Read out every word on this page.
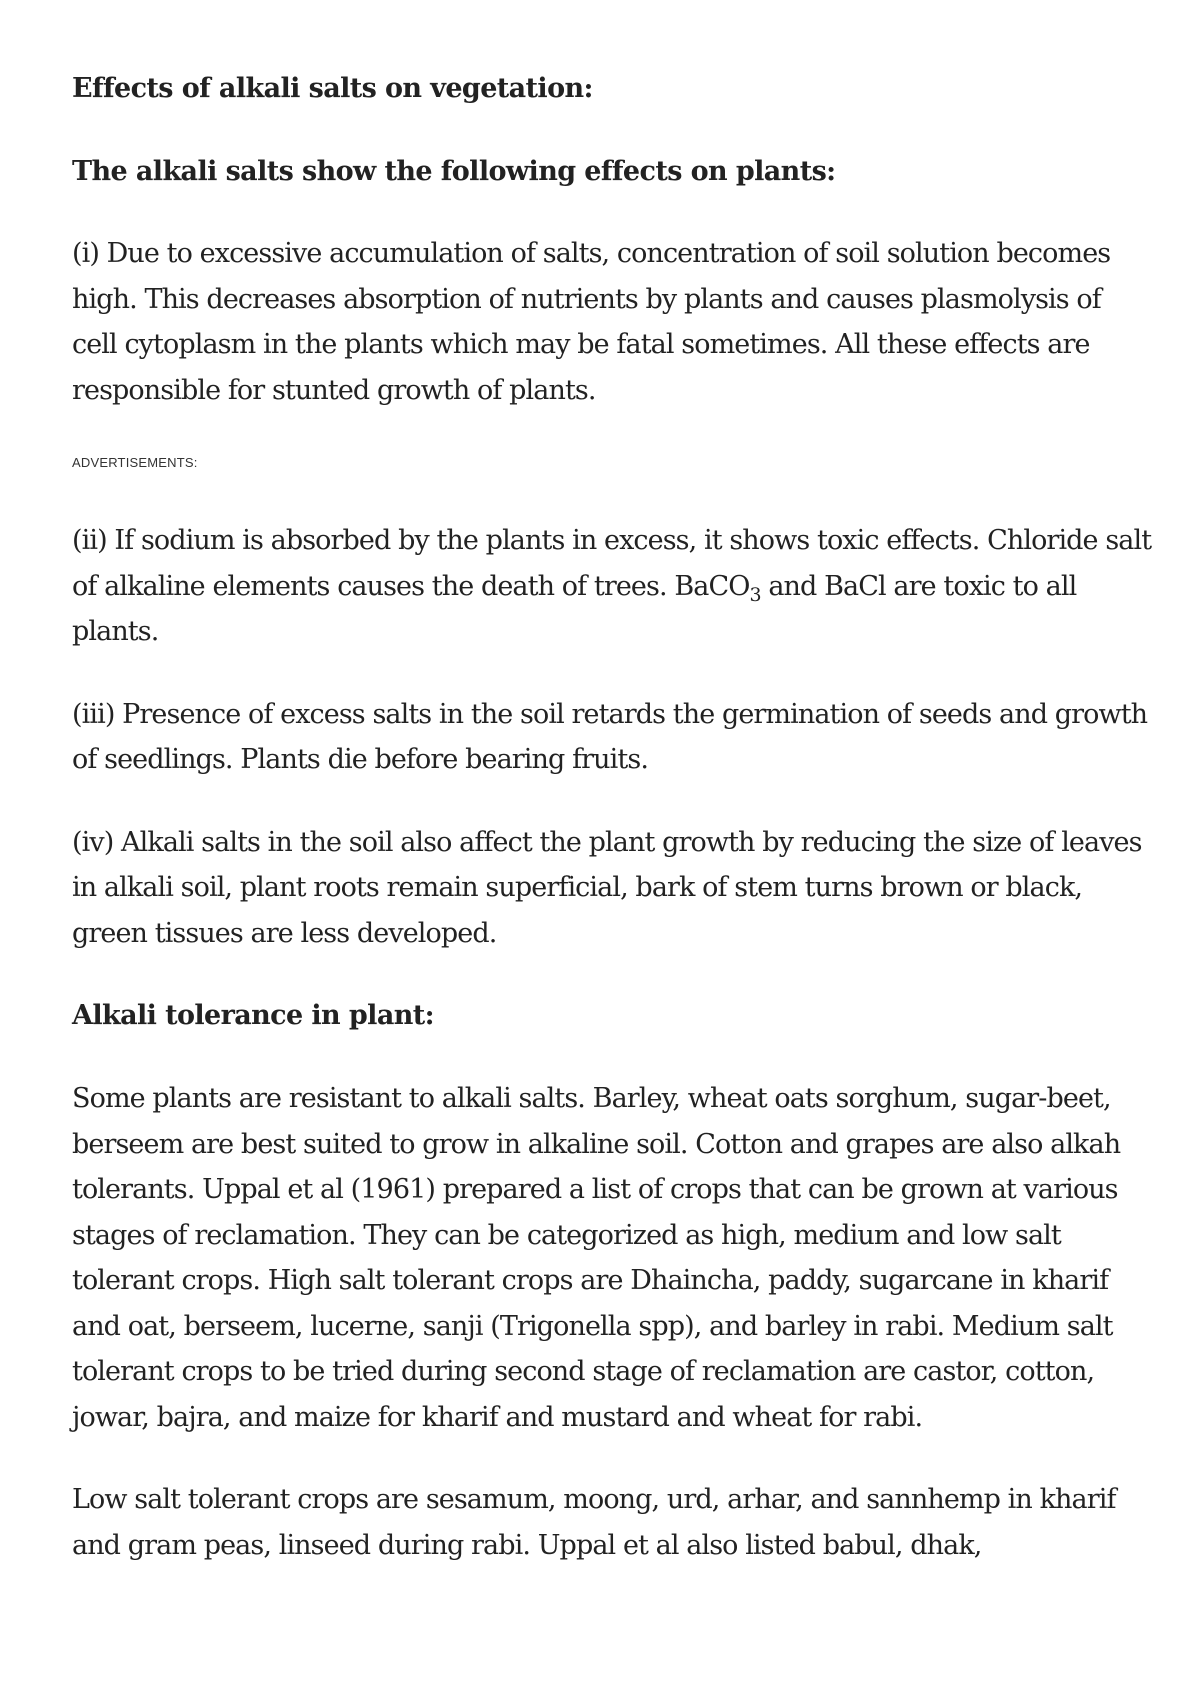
Effects of alkali salts on vegetation:
The alkali salts show the following effects on plants:

(i) Due to excessive accumulation of salts, concentration of soil solution becomes high. This decreases absorption of nutrients by plants and causes plasmolysis of cell cytoplasm in the plants which may be fatal sometimes. All these effects are responsible for stunted growth of plants.

ADVERTISEMENTS:

(ii) If sodium is absorbed by the plants in excess, it shows toxic effects. Chloride salt of alkaline elements causes the death of trees. BaCO$_3$ and BaCl are toxic to all plants.

(iii) Presence of excess salts in the soil retards the germination of seeds and growth of seedlings. Plants die before bearing fruits.

(iv) Alkali salts in the soil also affect the plant growth by reducing the size of leaves in alkali soil, plant roots remain superficial, bark of stem turns brown or black, green tissues are less developed.

Alkali tolerance in plant:

Some plants are resistant to alkali salts. Barley, wheat oats sorghum, sugar-beet, berseem are best suited to grow in alkaline soil. Cotton and grapes are also alkah tolerants. Uppal et al (1961) prepared a list of crops that can be grown at various stages of reclamation. They can be categorized as high, medium and low salt tolerant crops. High salt tolerant crops are Dhaincha, paddy, sugarcane in kharif and oat, berseem, lucerne, sanji (Trigonella spp), and barley in rabi. Medium salt tolerant crops to be tried during second stage of reclamation are castor, cotton, jowar, bajra, and maize for kharif and mustard and wheat for rabi.

Low salt tolerant crops are sesamum, moong, urd, arhar, and sannhemp in kharif and gram peas, linseed during rabi. Uppal et al also listed babul, dhak,
